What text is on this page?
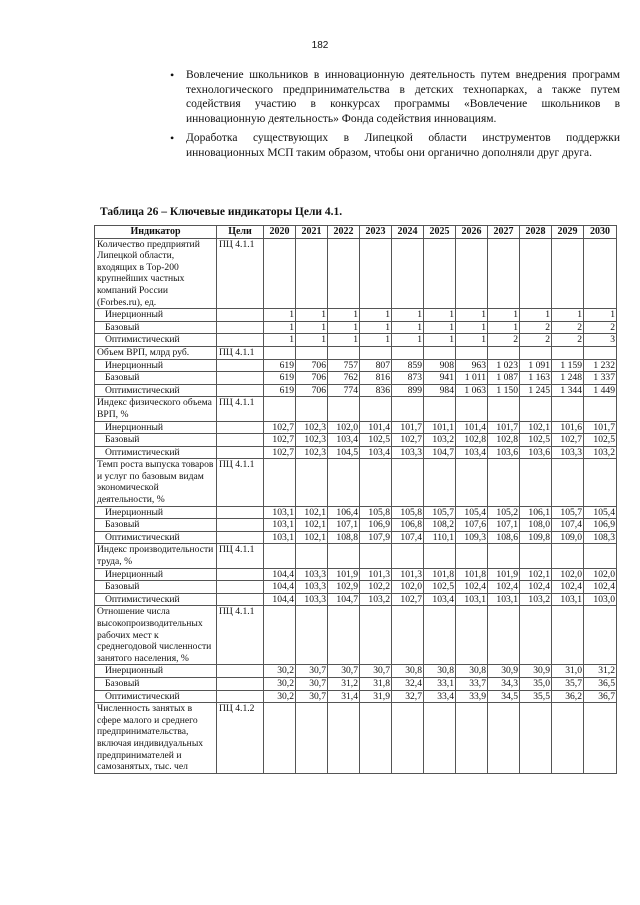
182
• Вовлечение школьников в инновационную деятельность путем внедрения программ технологического предпринимательства в детских технопарках, а также путем содействия участию в конкурсах программы «Вовлечение школьников в инновационную деятельность» Фонда содействия инновациям.
• Доработка существующих в Липецкой области инструментов поддержки инновационных МСП таким образом, чтобы они органично дополняли друг друга.
Таблица 26 – Ключевые индикаторы Цели 4.1.
Индикатор	Цели	2020	2021	2022	2023	2024	2025	2026	2027	2028	2029	2030
Количество предприятий Липецкой области, входящих в Top-200 крупнейших частных компаний России (Forbes.ru), ед.	ПЦ 4.1.1											
Инерционный		1	1	1	1	1	1	1	1	1	1	1
Базовый		1	1	1	1	1	1	1	1	2	2	2
Оптимистический		1	1	1	1	1	1	1	2	2	2	3
Объем ВРП, млрд руб.	ПЦ 4.1.1											
Инерционный		619	706	757	807	859	908	963	1 023	1 091	1 159	1 232
Базовый		619	706	762	816	873	941	1 011	1 087	1 163	1 248	1 337
Оптимистический		619	706	774	836	899	984	1 063	1 150	1 245	1 344	1 449
Индекс физического объема ВРП, %	ПЦ 4.1.1											
Инерционный		102,7	102,3	102,0	101,4	101,7	101,1	101,4	101,7	102,1	101,6	101,7
Базовый		102,7	102,3	103,4	102,5	102,7	103,2	102,8	102,8	102,5	102,7	102,5
Оптимистический		102,7	102,3	104,5	103,4	103,3	104,7	103,4	103,6	103,6	103,3	103,2
Темп роста выпуска товаров и услуг по базовым видам экономической деятельности, %	ПЦ 4.1.1											
Инерционный		103,1	102,1	106,4	105,8	105,8	105,7	105,4	105,2	106,1	105,7	105,4
Базовый		103,1	102,1	107,1	106,9	106,8	108,2	107,6	107,1	108,0	107,4	106,9
Оптимистический		103,1	102,1	108,8	107,9	107,4	110,1	109,3	108,6	109,8	109,0	108,3
Индекс производительности труда, %	ПЦ 4.1.1											
Инерционный		104,4	103,3	101,9	101,3	101,3	101,8	101,8	101,9	102,1	102,0	102,0
Базовый		104,4	103,3	102,9	102,2	102,0	102,5	102,4	102,4	102,4	102,4	102,4
Оптимистический		104,4	103,3	104,7	103,2	102,7	103,4	103,1	103,1	103,2	103,1	103,0
Отношение числа высокопроизводительных рабочих мест к среднегодовой численности занятого населения, %	ПЦ 4.1.1											
Инерционный		30,2	30,7	30,7	30,7	30,8	30,8	30,8	30,9	30,9	31,0	31,2
Базовый		30,2	30,7	31,2	31,8	32,4	33,1	33,7	34,3	35,0	35,7	36,5
Оптимистический		30,2	30,7	31,4	31,9	32,7	33,4	33,9	34,5	35,5	36,2	36,7
Численность занятых в сфере малого и среднего предпринимательства, включая индивидуальных предпринимателей и самозанятых, тыс. чел	ПЦ 4.1.2											
